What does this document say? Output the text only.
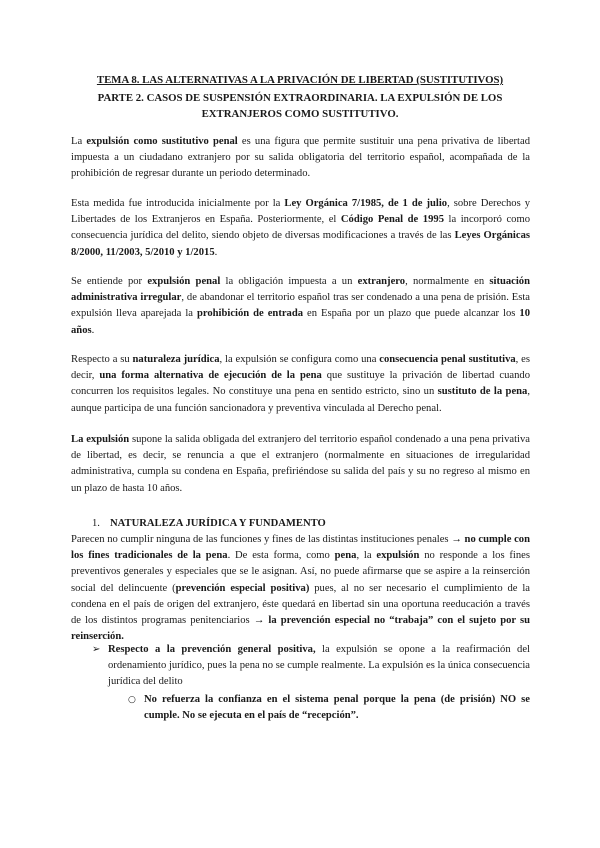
TEMA 8. LAS ALTERNATIVAS A LA PRIVACIÓN DE LIBERTAD (SUSTITUTIVOS)
PARTE 2. CASOS DE SUSPENSIÓN EXTRAORDINARIA. LA EXPULSIÓN DE LOS EXTRANJEROS COMO SUSTITUTIVO.
La expulsión como sustitutivo penal es una figura que permite sustituir una pena privativa de libertad impuesta a un ciudadano extranjero por su salida obligatoria del territorio español, acompañada de la prohibición de regresar durante un periodo determinado.
Esta medida fue introducida inicialmente por la Ley Orgánica 7/1985, de 1 de julio, sobre Derechos y Libertades de los Extranjeros en España. Posteriormente, el Código Penal de 1995 la incorporó como consecuencia jurídica del delito, siendo objeto de diversas modificaciones a través de las Leyes Orgánicas 8/2000, 11/2003, 5/2010 y 1/2015.
Se entiende por expulsión penal la obligación impuesta a un extranjero, normalmente en situación administrativa irregular, de abandonar el territorio español tras ser condenado a una pena de prisión. Esta expulsión lleva aparejada la prohibición de entrada en España por un plazo que puede alcanzar los 10 años.
Respecto a su naturaleza jurídica, la expulsión se configura como una consecuencia penal sustitutiva, es decir, una forma alternativa de ejecución de la pena que sustituye la privación de libertad cuando concurren los requisitos legales. No constituye una pena en sentido estricto, sino un sustituto de la pena, aunque participa de una función sancionadora y preventiva vinculada al Derecho penal.
La expulsión supone la salida obligada del extranjero del territorio español condenado a una pena privativa de libertad, es decir, se renuncia a que el extranjero (normalmente en situaciones de irregularidad administrativa, cumpla su condena en España, prefiriéndose su salida del país y su no regreso al mismo en un plazo de hasta 10 años.
1. NATURALEZA JURÍDICA Y FUNDAMENTO
Parecen no cumplir ninguna de las funciones y fines de las distintas instituciones penales → no cumple con los fines tradicionales de la pena. De esta forma, como pena, la expulsión no responde a los fines preventivos generales y especiales que se le asignan. Así, no puede afirmarse que se aspire a la reinserción social del delincuente (prevención especial positiva) pues, al no ser necesario el cumplimiento de la condena en el país de origen del extranjero, éste quedará en libertad sin una oportuna reeducación a través de los distintos programas penitenciarios → la prevención especial no “trabaja” con el sujeto por su reinserción.
➢ Respecto a la prevención general positiva, la expulsión se opone a la reafirmación del ordenamiento jurídico, pues la pena no se cumple realmente. La expulsión es la única consecuencia jurídica del delito
○ No refuerza la confianza en el sistema penal porque la pena (de prisión) NO se cumple. No se ejecuta en el país de “recepción”.
